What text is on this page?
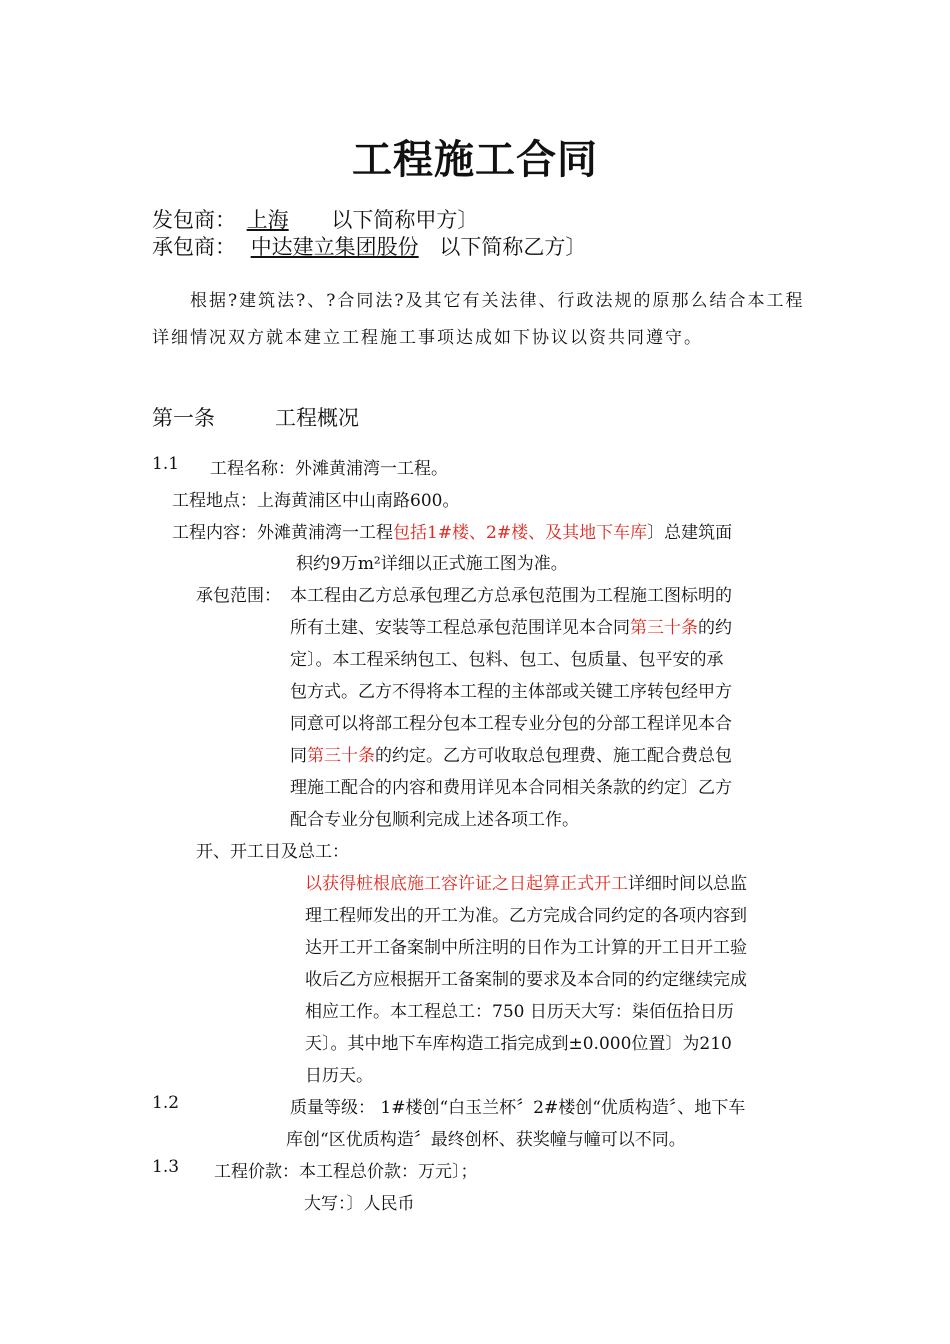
工程施工合同
发包商： 上海 以下简称甲方〕
承包商： 中达建立集团股份 以下简称乙方〕
根据?建筑法?、?合同法?及其它有关法律、行政法规的原那么结合本工程
详细情况双方就本建立工程施工事项达成如下协议以资共同遵守。
第一条	工程概况
1.1 工程名称：外滩黄浦湾一工程。
工程地点：上海黄浦区中山南路600。
工程内容：外滩黄浦湾一工程包括1#楼、2#楼、及其地下车库〕总建筑面
积约9万m²详细以正式施工图为准。
承包范围： 本工程由乙方总承包理乙方总承包范围为工程施工图标明的
所有土建、安装等工程总承包范围详见本合同第三十条的约
定〕。本工程采纳包工、包料、包工、包质量、包平安的承
包方式。乙方不得将本工程的主体部或关键工序转包经甲方
同意可以将部工程分包本工程专业分包的分部工程详见本合
同第三十条的约定。乙方可收取总包理费、施工配合费总包
理施工配合的内容和费用详见本合同相关条款的约定〕乙方
配合专业分包顺利完成上述各项工作。
开、开工日及总工：
以获得桩根底施工容许证之日起算正式开工详细时间以总监
理工程师发出的开工为准。乙方完成合同约定的各项内容到
达开工开工备案制中所注明的日作为工计算的开工日开工验
收后乙方应根据开工备案制的要求及本合同的约定继续完成
相应工作。本工程总工：750 日历天大写：柒佰伍拾日历
天〕。其中地下车库构造工指完成到±0.000位置〕为210
日历天。
1.2	质量等级： 1#楼创“白玉兰杯〞2#楼创“优质构造〞、地下车
库创“区优质构造〞最终创杯、获奖幢与幢可以不同。
1.3 工程价款：本工程总价款：万元〕；
大写：〕人民币
